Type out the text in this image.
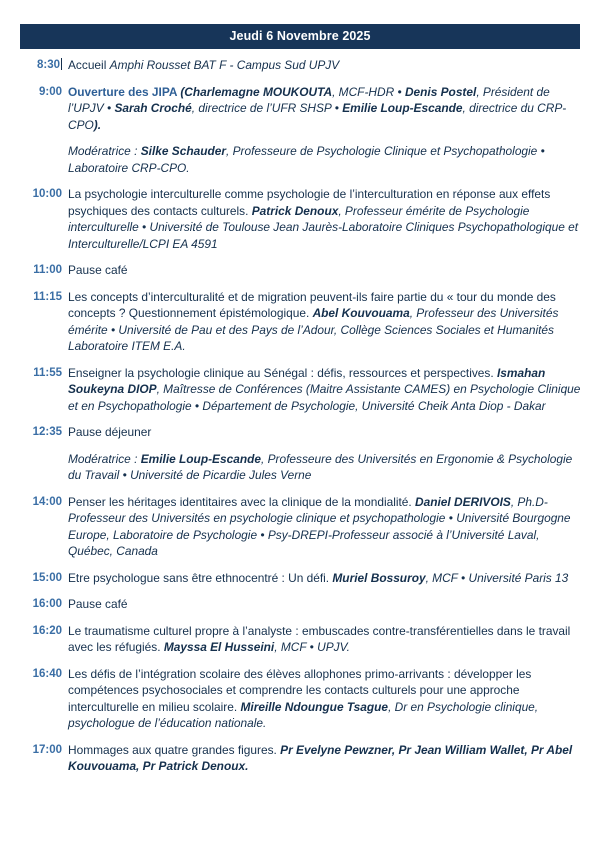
Jeudi 6 Novembre 2025
8:30 Accueil Amphi Rousset BAT F - Campus Sud UPJV
9:00 Ouverture des JIPA (Charlemagne MOUKOUTA, MCF-HDR • Denis Postel, Président de l’UPJV • Sarah Croché, directrice de l’UFR SHSP • Emilie Loup-Escande, directrice du CRP-CPO).
Modératrice : Silke Schauder, Professeure de Psychologie Clinique et Psychopathologie • Laboratoire CRP-CPO.
10:00 La psychologie interculturelle comme psychologie de l’interculturation en réponse aux effets psychiques des contacts culturels. Patrick Denoux, Professeur émérite de Psychologie interculturelle • Université de Toulouse Jean Jaurès-Laboratoire Cliniques Psychopathologique et Interculturelle/LCPI EA 4591
11:00 Pause café
11:15 Les concepts d’interculturalité et de migration peuvent-ils faire partie du « tour du monde des concepts ? Questionnement épistémologique. Abel Kouvouama, Professeur des Universités émérite • Université de Pau et des Pays de l’Adour, Collège Sciences Sociales et Humanités Laboratoire ITEM E.A.
11:55 Enseigner la psychologie clinique au Sénégal : défis, ressources et perspectives. Ismahan Soukeyna DIOP, Maîtresse de Conférences (Maitre Assistante CAMES) en Psychologie Clinique et en Psychopathologie • Département de Psychologie, Université Cheik Anta Diop - Dakar
12:35 Pause déjeuner
Modératrice : Emilie Loup-Escande, Professeure des Universités en Ergonomie & Psychologie du Travail • Université de Picardie Jules Verne
14:00 Penser les héritages identitaires avec la clinique de la mondialité. Daniel DERIVOIS, Ph.D-Professeur des Universités en psychologie clinique et psychopathologie • Université Bourgogne Europe, Laboratoire de Psychologie • Psy-DREPI-Professeur associé à l’Université Laval, Québec, Canada
15:00 Etre psychologue sans être ethnocentré : Un défi. Muriel Bossuroy, MCF • Université Paris 13
16:00 Pause café
16:20 Le traumatisme culturel propre à l’analyste : embuscades contre-transférentielles dans le travail avec les réfugiés. Mayssa El Husseini, MCF • UPJV.
16:40 Les défis de l’intégration scolaire des élèves allophones primo-arrivants : développer les compétences psychosociales et comprendre les contacts culturels pour une approche interculturelle en milieu scolaire. Mireille Ndoungue Tsague, Dr en Psychologie clinique, psychologue de l’éducation nationale.
17:00 Hommages aux quatre grandes figures. Pr Evelyne Pewzner, Pr Jean William Wallet, Pr Abel Kouvouama, Pr Patrick Denoux.
